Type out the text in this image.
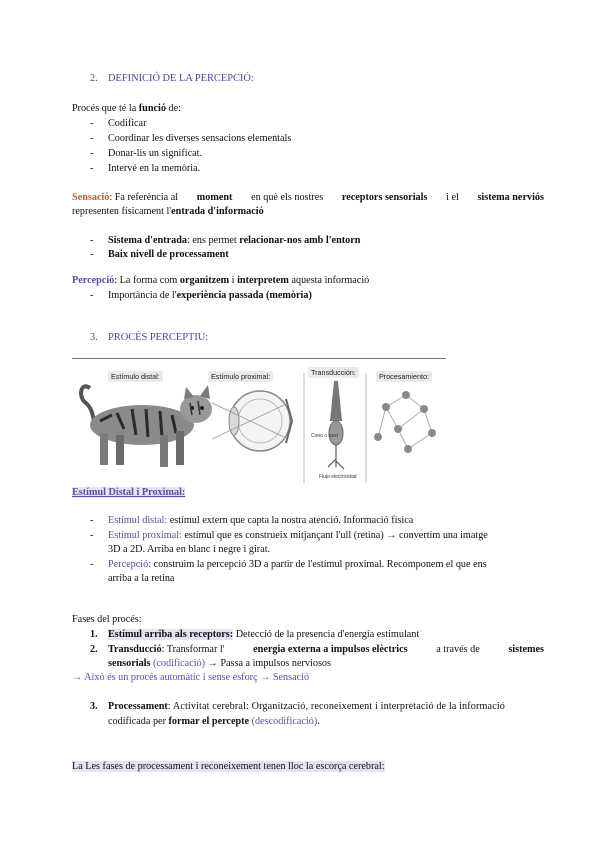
2. DEFINICIÓ DE LA PERCEPCIÓ:
Procés que té la funció de:
- Codificar
- Coordinar les diverses sensacions elementals
- Donar-lis un significat.
- Intervé en la memòria.
Sensació : Fa referència al moment en què els nostres receptors sensorials i el sistema nerviós
representen físicament l'entrada d'informació
- Sistema d'entrada: ens permet relacionar-nos amb l'entorn
- Baix nivell de processament
Percepció: La forma com organitzem i interpretem aquesta informació
- Importància de l'experiència passada (memòria)
3. PROCÈS PERCEPTIU:
Estímulo distal:	Estímulo proximal:	Transducción:	Procesamiento:
Cono o bast
Flujo electricidad
Estímul Distal i Proximal:
- Estímul distal: estímul extern que capta la nostra atenció. Informació física
- Estímul proximal: estímul que es construeix mitjançant l'ull (retina) → convertim una imatge
3D a 2D. Arriba en blanc i negre i girat.
- Percepció: construim la percepció 3D a partir de l'estímul proximal. Recomponem el que ens
arriba a la retina
Fases del procés:
1. Estímul arriba als receptors: Detecció de la presencia d'energia estimulant
2.	Transducció : Transformar l'	energia externa a impulsos elèctrics	a través de	sistemes
sensorials (codificació) → Passa a impulsos nerviosos
→ Això és un procés automàtic i sense esforç → Sensació
3.	Processament : Activitat cerebral: Organització, reconeixement i interpretació de la informació
codificada per formar el percepte (descodificació).
La Les fases de processament i reconeixement tenen lloc la escorça cerebral:
